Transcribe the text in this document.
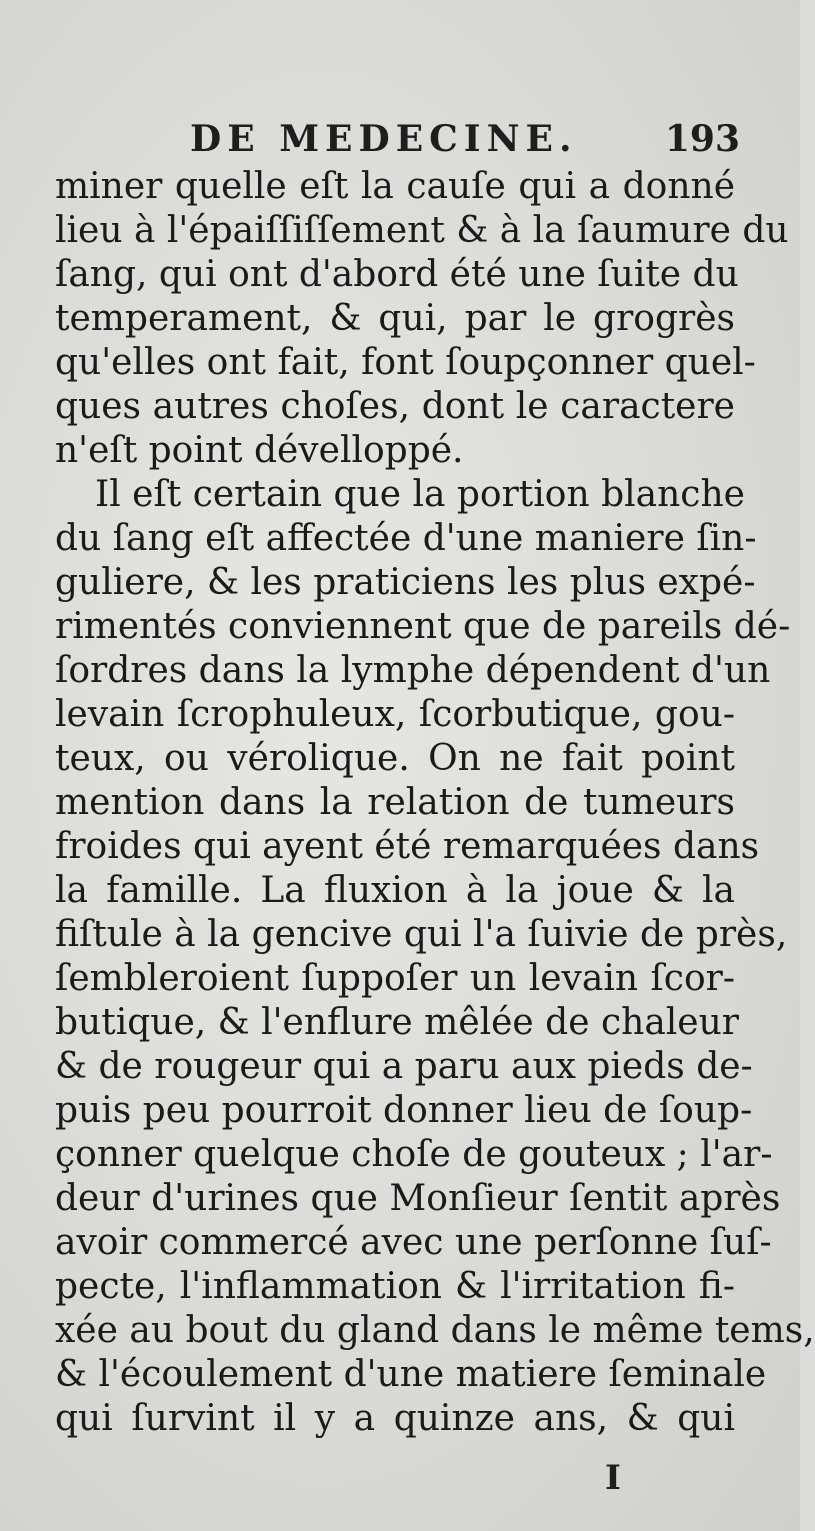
DE MEDECINE. 193
miner quelle eſt la cauſe qui a donné
lieu à l'épaiſſiſſement & à la ſaumure du
ſang, qui ont d'abord été une ſuite du
temperament, & qui, par le grogrès
qu'elles ont fait, font ſoupçonner quel-
ques autres choſes, dont le caractere
n'eſt point dévelloppé.
Il eſt certain que la portion blanche
du ſang eſt affectée d'une maniere ſin-
guliere, & les praticiens les plus expé-
rimentés conviennent que de pareils dé-
ſordres dans la lymphe dépendent d'un
levain ſcrophuleux, ſcorbutique, gou-
teux, ou vérolique. On ne fait point
mention dans la relation de tumeurs
froides qui ayent été remarquées dans
la famille. La fluxion à la joue & la
fiſtule à la gencive qui l'a ſuivie de près,
ſembleroient ſuppoſer un levain ſcor-
butique, & l'enflure mêlée de chaleur
& de rougeur qui a paru aux pieds de-
puis peu pourroit donner lieu de ſoup-
çonner quelque choſe de gouteux ; l'ar-
deur d'urines que Monſieur ſentit après
avoir commercé avec une perſonne ſuſ-
pecte, l'inflammation & l'irritation fi-
xée au bout du gland dans le même tems,
& l'écoulement d'une matiere ſeminale
qui ſurvint il y a quinze ans, & qui
I
